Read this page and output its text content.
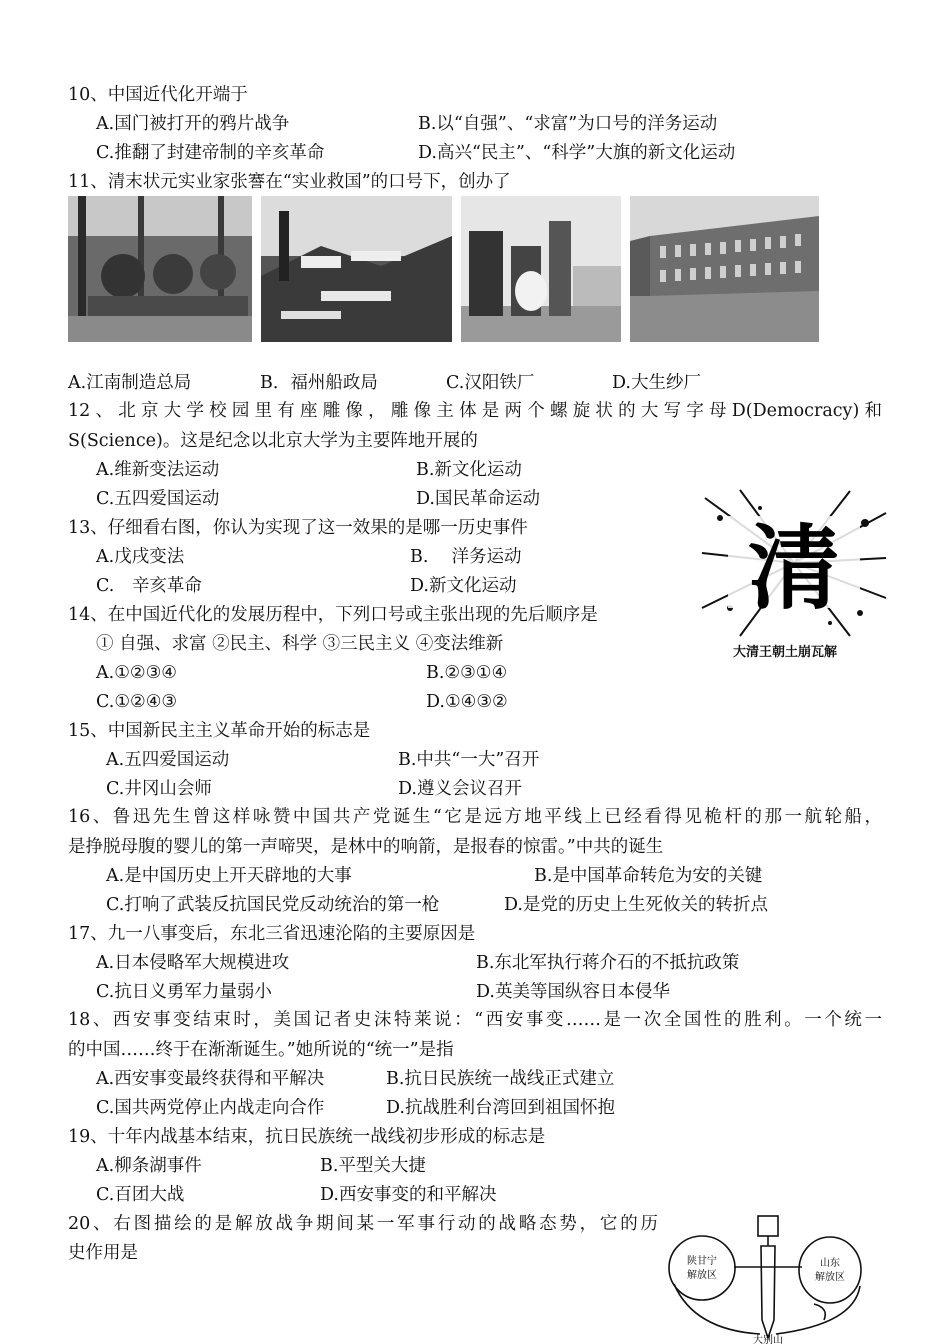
10、中国近代化开端于
A.国门被打开的鸦片战争	B.以“自强”、“求富”为口号的洋务运动
C.推翻了封建帝制的辛亥革命	D.高兴“民主”、“科学”大旗的新文化运动
11、清末状元实业家张謇在“实业救国”的口号下，创办了
A.江南制造总局	B．福州船政局	C.汉阳铁厂	D.大生纱厂
12、北京大学校园里有座雕像，雕像主体是两个螺旋状的大写字母D(Democracy)和
S(Science)。这是纪念以北京大学为主要阵地开展的
A.维新变法运动	B.新文化运动
C.五四爱国运动	D.国民革命运动
13、仔细看右图，你认为实现了这一效果的是哪一历史事件
A.戊戌变法	B.　 洋务运动
C.　辛亥革命	D.新文化运动	清
大清王朝土崩瓦解
14、在中国近代化的发展历程中，下列口号或主张出现的先后顺序是
① 自强、求富 ②民主、科学 ③三民主义 ④变法维新
A.①②③④	B.②③①④
C.①②④③	D.①④③②
15、中国新民主主义革命开始的标志是
A.五四爱国运动	B.中共“一大”召开
C.井冈山会师	D.遵义会议召开
16、鲁迅先生曾这样咏赞中国共产党诞生“它是远方地平线上已经看得见桅杆的那一航轮船，
是挣脱母腹的婴儿的第一声啼哭，是林中的响箭，是报春的惊雷。”中共的诞生
A.是中国历史上开天辟地的大事	B.是中国革命转危为安的关键
C.打响了武装反抗国民党反动统治的第一枪	D.是党的历史上生死攸关的转折点
17、九一八事变后，东北三省迅速沦陷的主要原因是
A.日本侵略军大规模进攻	B.东北军执行蒋介石的不抵抗政策
C.抗日义勇军力量弱小	D.英美等国纵容日本侵华
18、西安事变结束时，美国记者史沫特莱说：“西安事变……是一次全国性的胜利。一个统一
的中国……终于在渐渐诞生。”她所说的“统一”是指
A.西安事变最终获得和平解决	B.抗日民族统一战线正式建立
C.国共两党停止内战走向合作	D.抗战胜利台湾回到祖国怀抱
19、十年内战基本结束，抗日民族统一战线初步形成的标志是
A.柳条湖事件	B.平型关大捷
C.百团大战	D.西安事变的和平解决
20、右图描绘的是解放战争期间某一军事行动的战略态势，它的历
史作用是	陕甘宁
解放区
山东
解放区
大别山
